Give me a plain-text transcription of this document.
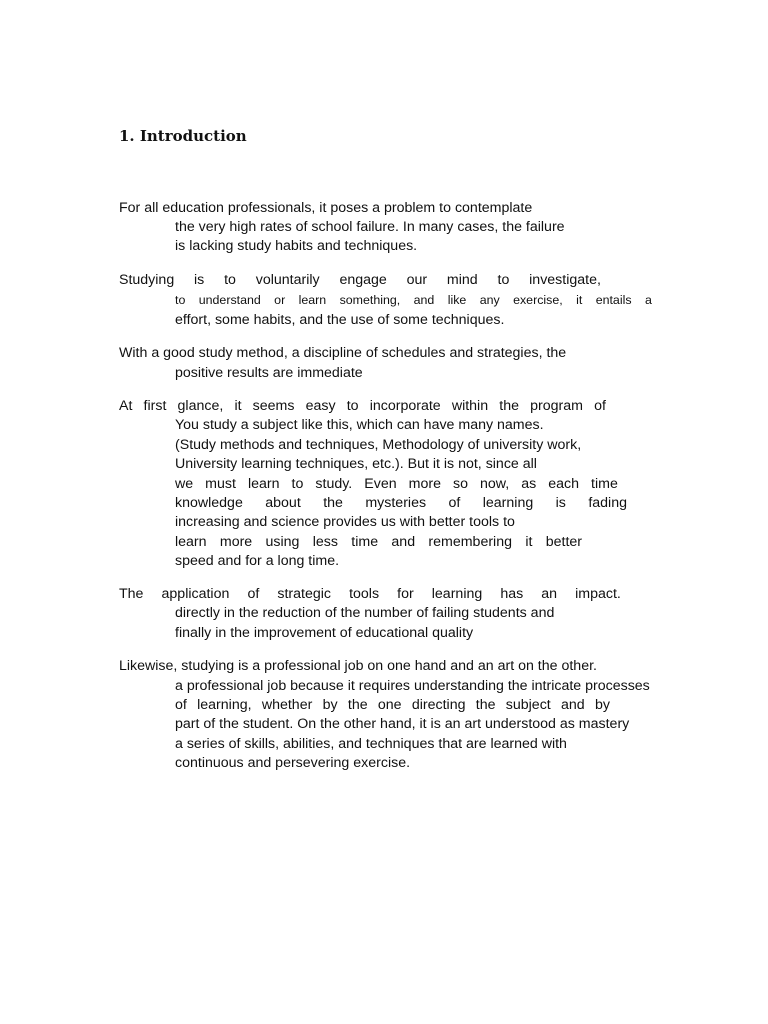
1. Introduction
For all education professionals, it poses a problem to contemplate
the very high rates of school failure. In many cases, the failure
is lacking study habits and techniques.
Studying is to voluntarily engage our mind to investigate,
to understand or learn something, and like any exercise, it entails a
effort, some habits, and the use of some techniques.
With a good study method, a discipline of schedules and strategies, the
positive results are immediate
At first glance, it seems easy to incorporate within the program of
You study a subject like this, which can have many names.
(Study methods and techniques, Methodology of university work,
University learning techniques, etc.). But it is not, since all
we must learn to study. Even more so now, as each time
knowledge about the mysteries of learning is fading
increasing and science provides us with better tools to
learn more using less time and remembering it better
speed and for a long time.
The application of strategic tools for learning has an impact.
directly in the reduction of the number of failing students and
finally in the improvement of educational quality
Likewise, studying is a professional job on one hand and an art on the other.
a professional job because it requires understanding the intricate processes
of learning, whether by the one directing the subject and by
part of the student. On the other hand, it is an art understood as mastery
a series of skills, abilities, and techniques that are learned with
continuous and persevering exercise.
